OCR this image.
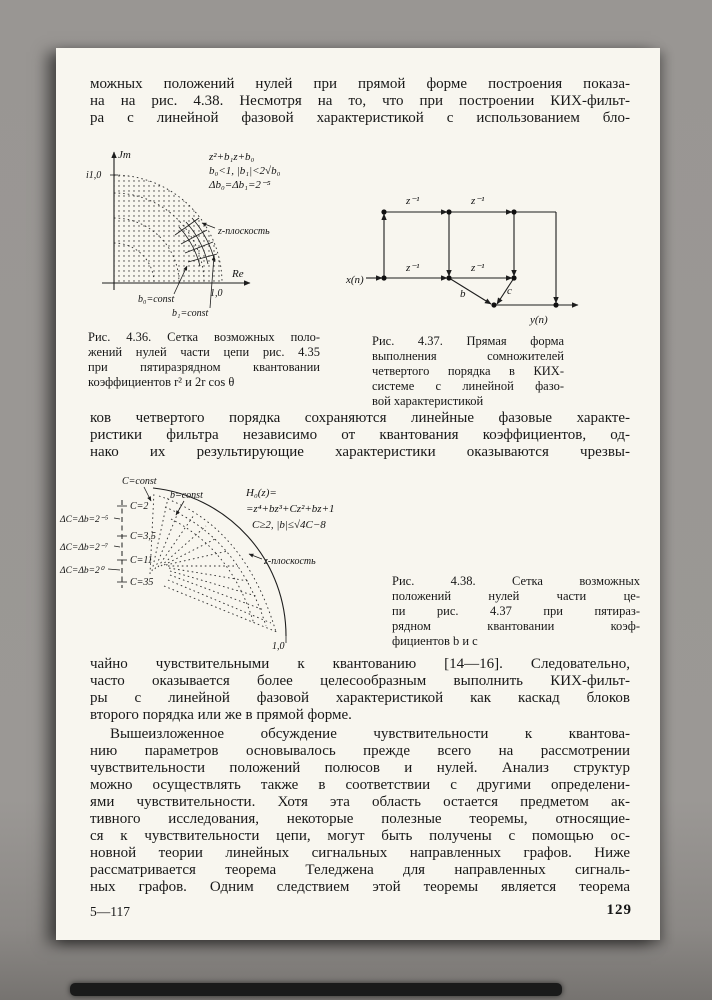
можных положений нулей при прямой форме построения показа-
на на рис. 4.38. Несмотря на то, что при построении КИХ-фильт-
ра с линейной фазовой характеристикой с использованием бло-
Jm
i1,0
Re
1,0
z-плоскость
b₀=const
b₁=const
z²+b₁z+b₀
b₀<1, |b₁|<2√b₀
Δb₀=Δb₁=2⁻⁵
x(n)
y(n)
z⁻¹	z⁻¹
z⁻¹	z⁻¹
b	c
Рис. 4.36. Сетка возможных поло-
жений нулей части цепи рис. 4.35
при пятиразрядном квантовании
коэффициентов r² и 2r cos θ
Рис. 4.37. Прямая форма
выполнения сомножителей
четвертого порядка в КИХ-
системе с линейной фазо-
вой характеристикой
ков четвертого порядка сохраняются линейные фазовые характе-
ристики фильтра независимо от квантования коэффициентов, од-
нако их результирующие характеристики оказываются чрезвы-
C=const
b=const
C=2
C=3,5
C=11
C=35
ΔC=Δb=2⁻⁵
ΔC=Δb=2⁻⁷
ΔC=Δb=2⁰
H₀(z)=
=z⁴+bz³+Cz²+bz+1
C≥2, |b|≤√4C−8
z-плоскость
1,0
Рис. 4.38. Сетка возможных
положений нулей части це-
пи рис. 4.37 при пятираз-
рядном квантовании коэф-
фициентов b и c
чайно чувствительными к квантованию [14—16]. Следовательно,
часто оказывается более целесообразным выполнить КИХ-фильт-
ры с линейной фазовой характеристикой как каскад блоков
второго порядка или же в прямой форме.
Вышеизложенное обсуждение чувствительности к квантова-
нию параметров основывалось прежде всего на рассмотрении
чувствительности положений полюсов и нулей. Анализ структур
можно осуществлять также в соответствии с другими определени-
ями чувствительности. Хотя эта область остается предметом ак-
тивного исследования, некоторые полезные теоремы, относящие-
ся к чувствительности цепи, могут быть получены с помощью ос-
новной теории линейных сигнальных направленных графов. Ниже
рассматривается теорема Теледжена для направленных сигналь-
ных графов. Одним следствием этой теоремы является теорема
5—117	129
